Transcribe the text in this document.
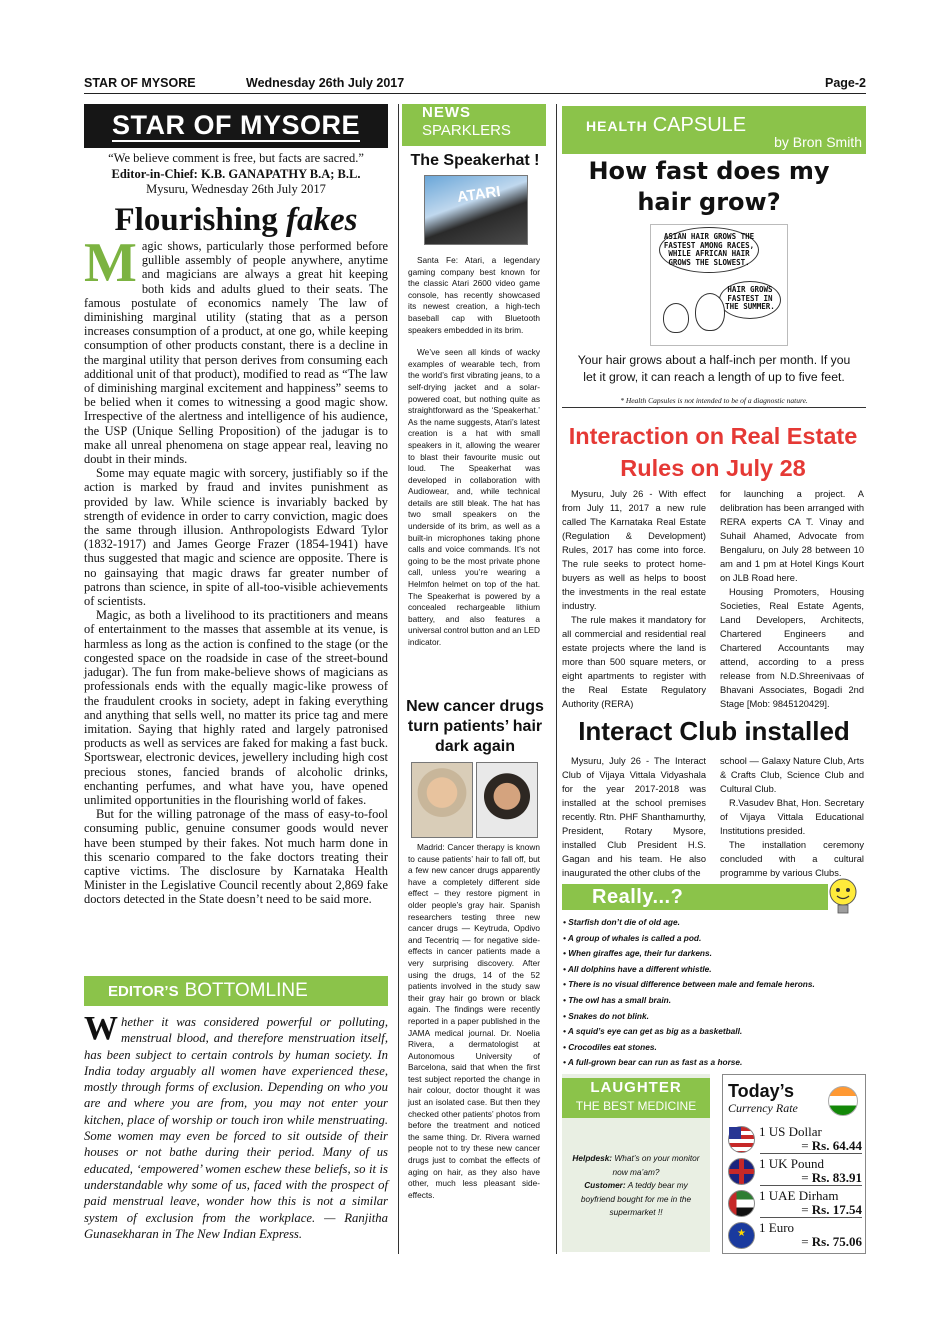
STAR OF MYSORE	Wednesday 26th July 2017	Page-2
STAR OF MYSORE
“We believe comment is free, but facts are sacred.”
Editor-in-Chief: K.B. GANAPATHY B.A; B.L.
Mysuru, Wednesday 26th July 2017
Flourishing fakes

Magic shows, particularly those performed before gullible assembly of people anywhere, anytime and magicians are always a great hit keeping both kids and adults glued to their seats. The famous postulate of economics namely The law of diminishing marginal utility (stating that as a person increases consumption of a product, at one go, while keeping consumption of other products constant, there is a decline in the marginal utility that person derives from consuming each additional unit of that product), modified to read as “The law of diminishing marginal excitement and happiness” seems to be belied when it comes to witnessing a good magic show. Irrespective of the alertness and intelligence of his audience, the USP (Unique Selling Proposition) of the jadugar is to make all unreal phenomena on stage appear real, leaving no doubt in their minds.

Some may equate magic with sorcery, justifiably so if the action is marked by fraud and invites punishment as provided by law. While science is invariably backed by strength of evidence in order to carry conviction, magic does the same through illusion. Anthropologists Edward Tylor (1832-1917) and James George Frazer (1854-1941) have thus suggested that magic and science are opposite. There is no gainsaying that magic draws far greater number of patrons than science, in spite of all-too-visible achievements of scientists.

Magic, as both a livelihood to its practitioners and means of entertainment to the masses that assemble at its venue, is harmless as long as the action is confined to the stage (or the congested space on the roadside in case of the street-bound jadugar). The fun from make-believe shows of magicians as professionals ends with the equally magic-like prowess of the fraudulent crooks in society, adept in faking everything and anything that sells well, no matter its price tag and mere imitation. Saying that highly rated and largely patronised products as well as services are faked for making a fast buck. Sportswear, electronic devices, jewellery including high cost precious stones, fancied brands of alcoholic drinks, enchanting perfumes, and what have you, have opened unlimited opportunities in the flourishing world of fakes.

But for the willing patronage of the mass of easy-to-fool consuming public, genuine consumer goods would never have been stumped by their fakes. Not much harm done in this scenario compared to the fake doctors treating their captive victims. The disclosure by Karnataka Health Minister in the Legislative Council recently about 2,869 fake doctors detected in the State doesn’t need to be said more.

EDITOR’S BOTTOMLINE
Whether it was considered powerful or polluting, menstrual blood, and therefore menstruation itself, has been subject to certain controls by human society. In India today arguably all women have experienced these, mostly through forms of exclusion. Depending on who you are and where you are from, you may not enter your kitchen, place of worship or touch iron while menstruating. Some women may even be forced to sit outside of their houses or not bathe during their period. Many of us educated, ‘empowered’ women eschew these beliefs, so it is understandable why some of us, faced with the prospect of paid menstrual leave, wonder how this is not a similar system of exclusion from the workplace. — Ranjitha Gunasekharan in The New Indian Express.
NEWS
SPARKLERS
The Speakerhat !
ATARI

Santa Fe: Atari, a legendary gaming company best known for the classic Atari 2600 video game console, has recently showcased its newest creation, a high-tech baseball cap with Bluetooth speakers embedded in its brim.

We’ve seen all kinds of wacky examples of wearable tech, from the world’s first vibrating jeans, to a self-drying jacket and a solar-powered coat, but nothing quite as straightforward as the ‘Speakerhat.’ As the name suggests, Atari’s latest creation is a hat with small speakers in it, allowing the wearer to blast their favourite music out loud. The Speakerhat was developed in collaboration with Audiowear, and, while technical details are still bleak. The hat has two small speakers on the underside of its brim, as well as a built-in microphones taking phone calls and voice commands. It’s not going to be the most private phone call, unless you’re wearing a Helmfon helmet on top of the hat. The Speakerhat is powered by a concealed rechargeable lithium battery, and also features a universal control button and an LED indicator.

New cancer drugs turn patients’ hair dark again

Madrid: Cancer therapy is known to cause patients’ hair to fall off, but a few new cancer drugs apparently have a completely different side effect – they restore pigment in older people’s gray hair. Spanish researchers testing three new cancer drugs — Keytruda, Opdivo and Tecentriq — for negative side-effects in cancer patients made a very surprising discovery. After using the drugs, 14 of the 52 patients involved in the study saw their gray hair go brown or black again. The findings were recently reported in a paper published in the JAMA medical journal. Dr. Noelia Rivera, a dermatologist at Autonomous University of Barcelona, said that when the first test subject reported the change in hair colour, doctor thought it was just an isolated case. But then they checked other patients’ photos from before the treatment and noticed the same thing. Dr. Rivera warned people not to try these new cancer drugs just to combat the effects of aging on hair, as they also have other, much less pleasant side-effects.

HEALTH CAPSULE
by Bron Smith
How fast does my hair grow?
ASIAN HAIR GROWS THE FASTEST AMONG RACES, WHILE AFRICAN HAIR GROWS THE SLOWEST.
HAIR GROWS FASTEST IN THE SUMMER.
Your hair grows about a half-inch per month. If you let it grow, it can reach a length of up to five feet.
* Health Capsules is not intended to be of a diagnostic nature.
Interaction on Real Estate Rules on July 28

Mysuru, July 26 - With effect from July 11, 2017 a new rule called The Karnataka Real Estate (Regulation & Development) Rules, 2017 has come into force. The rule seeks to protect home-buyers as well as helps to boost the investments in the real estate industry.

The rule makes it mandatory for all commercial and residential real estate projects where the land is more than 500 square meters, or eight apartments to register with the Real Estate Regulatory Authority (RERA)

for launching a project. A delibration has been arranged with RERA experts CA T. Vinay and Suhail Ahamed, Advocate from Bengaluru, on July 28 between 10 am and 1 pm at Hotel Kings Kourt on JLB Road here.

Housing Promoters, Housing Societies, Real Estate Agents, Land Developers, Architects, Chartered Engineers and Chartered Accountants may attend, according to a press release from N.D.Shreenivaas of Bhavani Associates, Bogadi 2nd Stage [Mob: 9845120429].

Interact Club installed

Mysuru, July 26 - The Interact Club of Vijaya Vittala Vidyashala for the year 2017-2018 was installed at the school premises recently. Rtn. PHF Shanthamurthy, President, Rotary Mysore, installed Club President H.S. Gagan and his team. He also inaugurated the other clubs of the

school — Galaxy Nature Club, Arts & Crafts Club, Science Club and Cultural Club.

R.Vasudev Bhat, Hon. Secretary of Vijaya Vittala Educational Institutions presided.

The installation ceremony concluded with a cultural programme by various Clubs.

Really...?
• Starfish don’t die of old age.
• A group of whales is called a pod.
• When giraffes age, their fur darkens.
• All dolphins have a different whistle.
• There is no visual difference between male and female herons.
• The owl has a small brain.
• Snakes do not blink.
• A squid’s eye can get as big as a basketball.
• Crocodiles eat stones.
• A full-grown bear can run as fast as a horse.
LAUGHTER
THE BEST MEDICINE
Helpdesk: What’s on your monitor now ma’am?
Customer: A teddy bear my boyfriend bought for me in the supermarket !!
Today’s
Currency Rate
1 US Dollar
= Rs. 64.44
1 UK Pound
= Rs. 83.91
1 UAE Dirham
= Rs. 17.54
★
1 Euro
= Rs. 75.06
